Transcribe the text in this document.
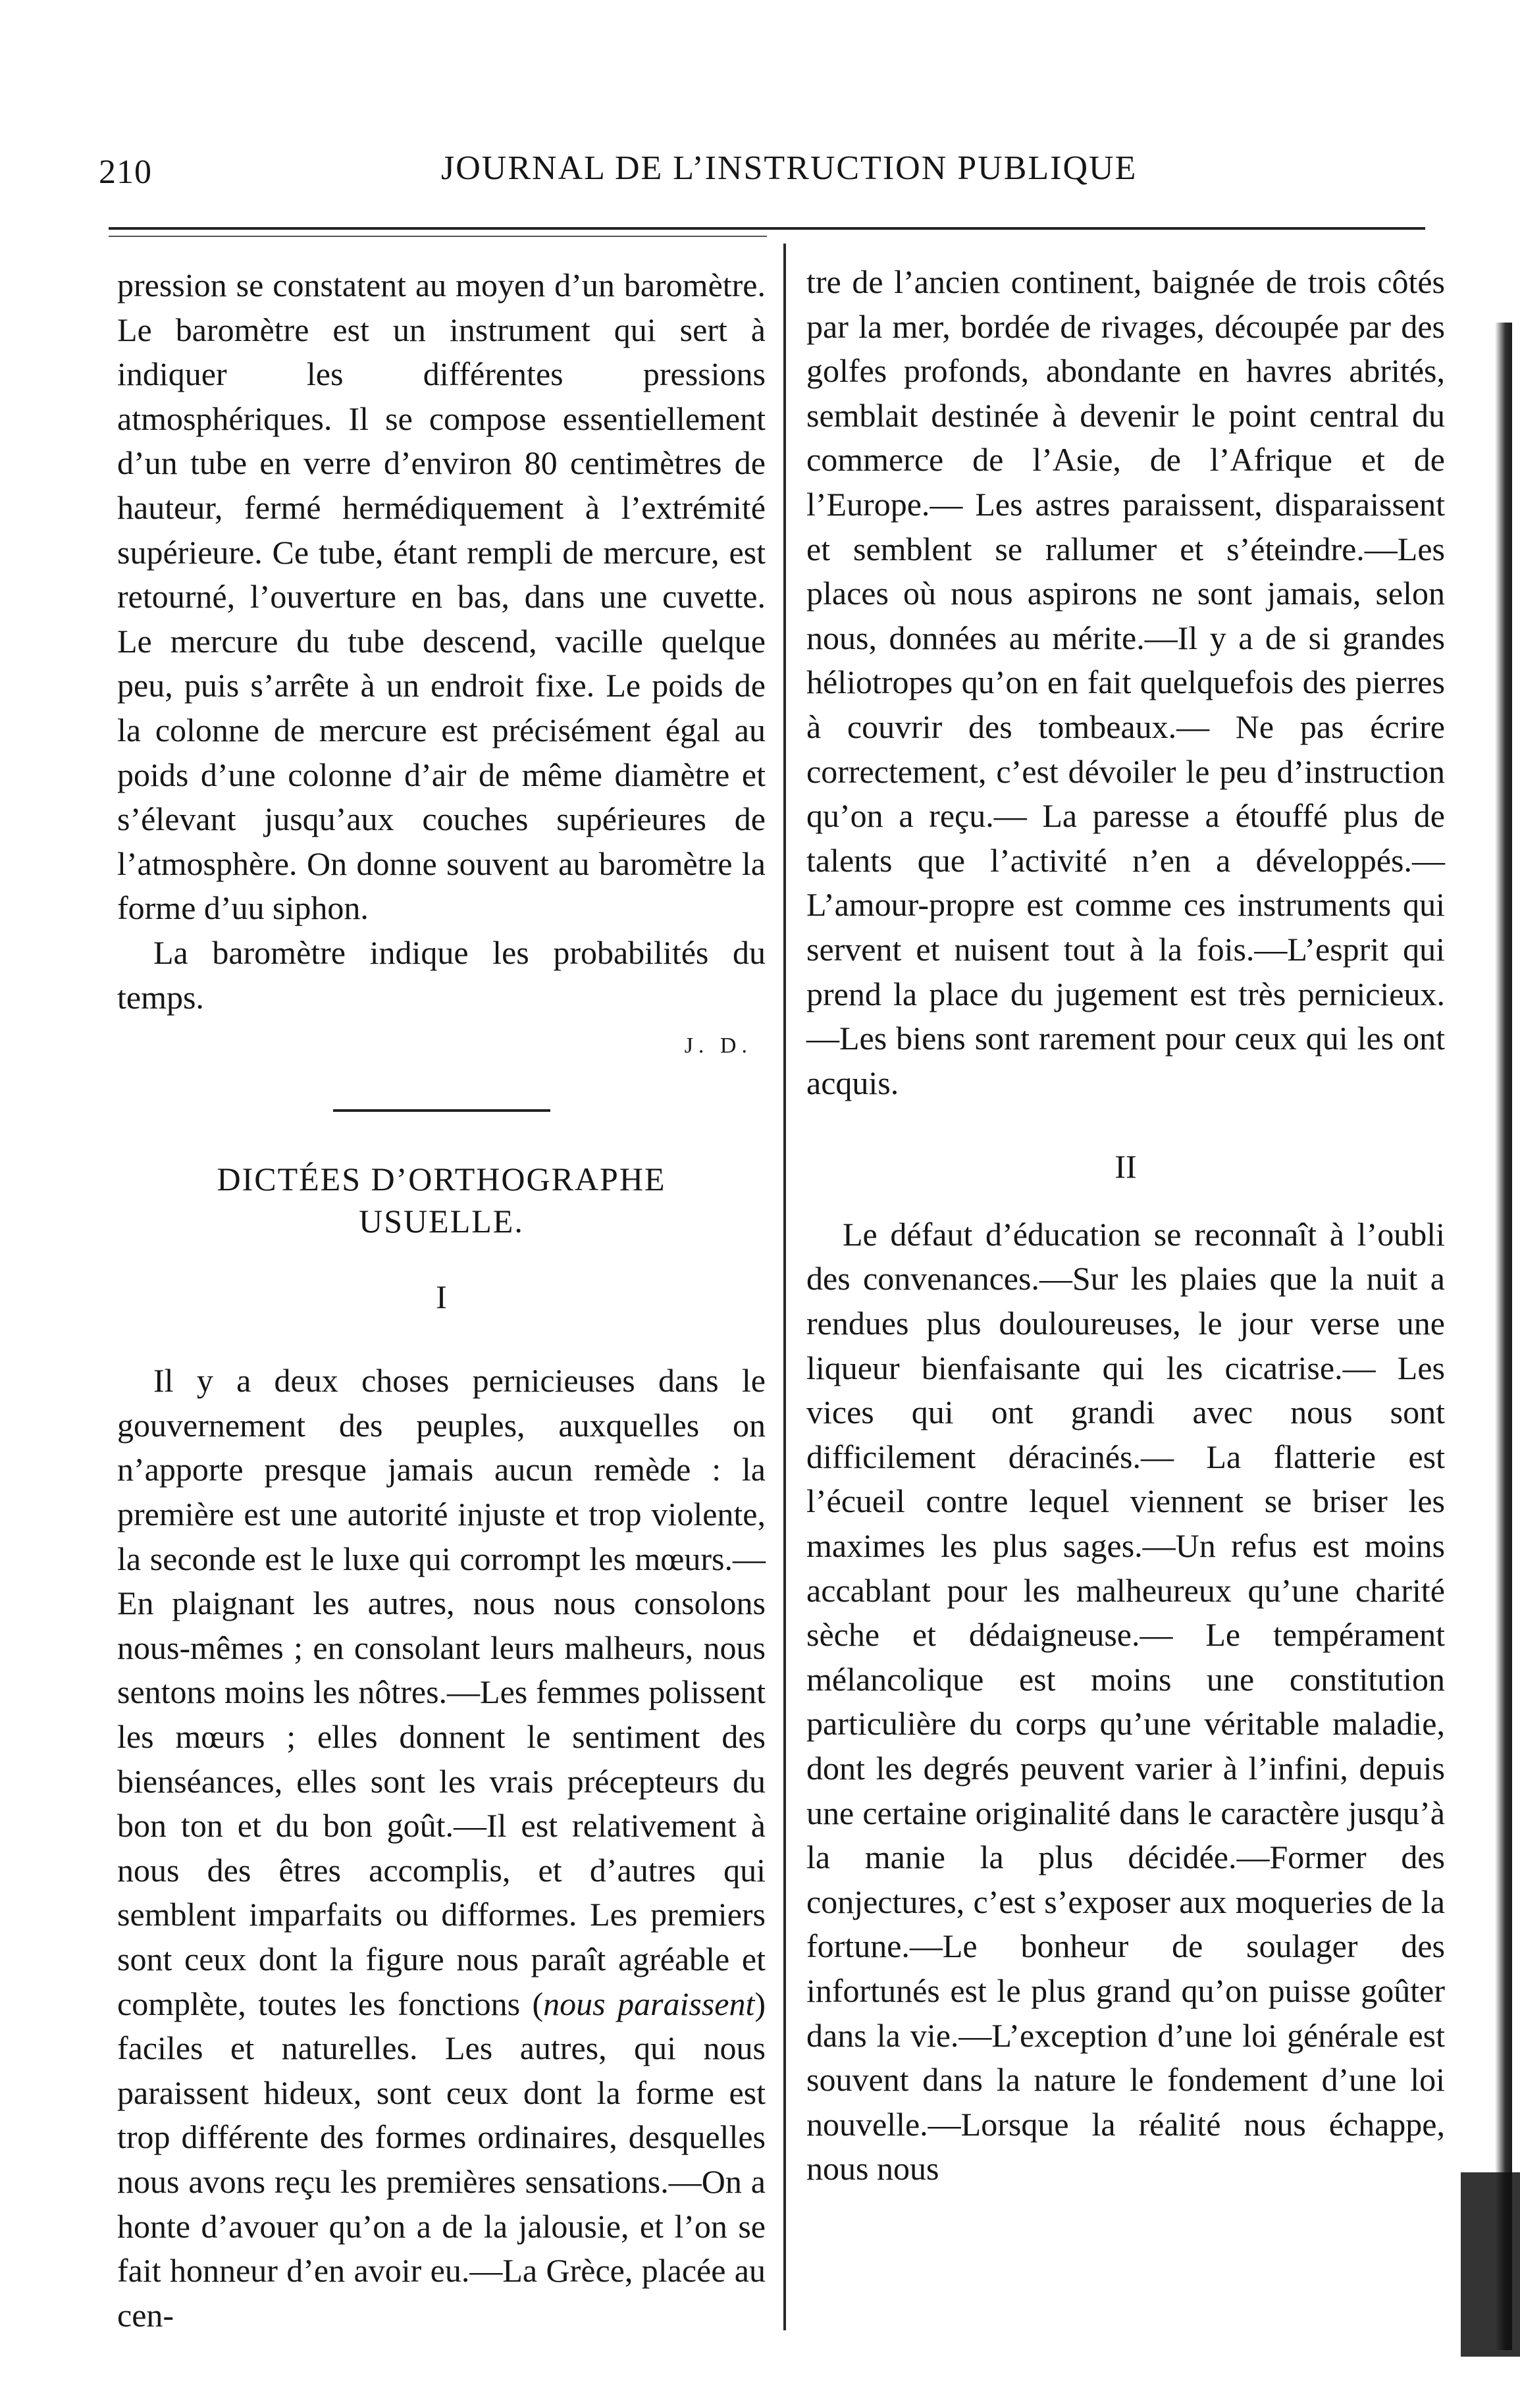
210	JOURNAL DE L’INSTRUCTION PUBLIQUE

pression se constatent au moyen d’un baromètre. Le baromètre est un instrument qui sert à indiquer les différentes pressions atmosphériques. Il se compose essentiellement d’un tube en verre d’environ 80 centimètres de hauteur, fermé hermédiquement à l’extrémité supérieure. Ce tube, étant rempli de mercure, est retourné, l’ouverture en bas, dans une cuvette. Le mercure du tube descend, vacille quelque peu, puis s’arrête à un endroit fixe. Le poids de la colonne de mercure est précisément égal au poids d’une colonne d’air de même diamètre et s’élevant jusqu’aux couches supérieures de l’atmosphère. On donne souvent au baromètre la forme d’uu siphon.

La baromètre indique les probabilités du temps.

J. D.
DICTÉES D’ORTHOGRAPHE
USUELLE.
I

Il y a deux choses pernicieuses dans le gouvernement des peuples, auxquelles on n’apporte presque jamais aucun remède : la première est une autorité injuste et trop violente, la seconde est le luxe qui corrompt les mœurs.—En plaignant les autres, nous nous consolons nous-mêmes ; en consolant leurs malheurs, nous sentons moins les nôtres.—Les femmes polissent les mœurs ; elles donnent le sentiment des bienséances, elles sont les vrais précepteurs du bon ton et du bon goût.—Il est relativement à nous des êtres accomplis, et d’autres qui semblent imparfaits ou difformes. Les premiers sont ceux dont la figure nous paraît agréable et complète, toutes les fonctions (nous paraissent) faciles et naturelles. Les autres, qui nous paraissent hideux, sont ceux dont la forme est trop différente des formes ordinaires, desquelles nous avons reçu les premières sensations.—On a honte d’avouer qu’on a de la jalousie, et l’on se fait honneur d’en avoir eu.—La Grèce, placée au cen-

tre de l’ancien continent, baignée de trois côtés par la mer, bordée de rivages, découpée par des golfes profonds, abondante en havres abrités, semblait destinée à devenir le point central du commerce de l’Asie, de l’Afrique et de l’Europe.— Les astres paraissent, disparaissent et semblent se rallumer et s’éteindre.—Les places où nous aspirons ne sont jamais, selon nous, données au mérite.—Il y a de si grandes héliotropes qu’on en fait quelquefois des pierres à couvrir des tombeaux.— Ne pas écrire correctement, c’est dévoiler le peu d’instruction qu’on a reçu.— La paresse a étouffé plus de talents que l’activité n’en a développés.—L’amour-propre est comme ces instruments qui servent et nuisent tout à la fois.—L’esprit qui prend la place du jugement est très pernicieux.—Les biens sont rarement pour ceux qui les ont acquis.

II

Le défaut d’éducation se reconnaît à l’oubli des convenances.—Sur les plaies que la nuit a rendues plus douloureuses, le jour verse une liqueur bienfaisante qui les cicatrise.— Les vices qui ont grandi avec nous sont difficilement déracinés.— La flatterie est l’écueil contre lequel viennent se briser les maximes les plus sages.—Un refus est moins accablant pour les malheureux qu’une charité sèche et dédaigneuse.— Le tempérament mélancolique est moins une constitution particulière du corps qu’une véritable maladie, dont les degrés peuvent varier à l’infini, depuis une certaine originalité dans le caractère jusqu’à la manie la plus décidée.—Former des conjectures, c’est s’exposer aux moqueries de la fortune.—Le bonheur de soulager des infortunés est le plus grand qu’on puisse goûter dans la vie.—L’exception d’une loi générale est souvent dans la nature le fondement d’une loi nouvelle.—Lorsque la réalité nous échappe, nous nous
